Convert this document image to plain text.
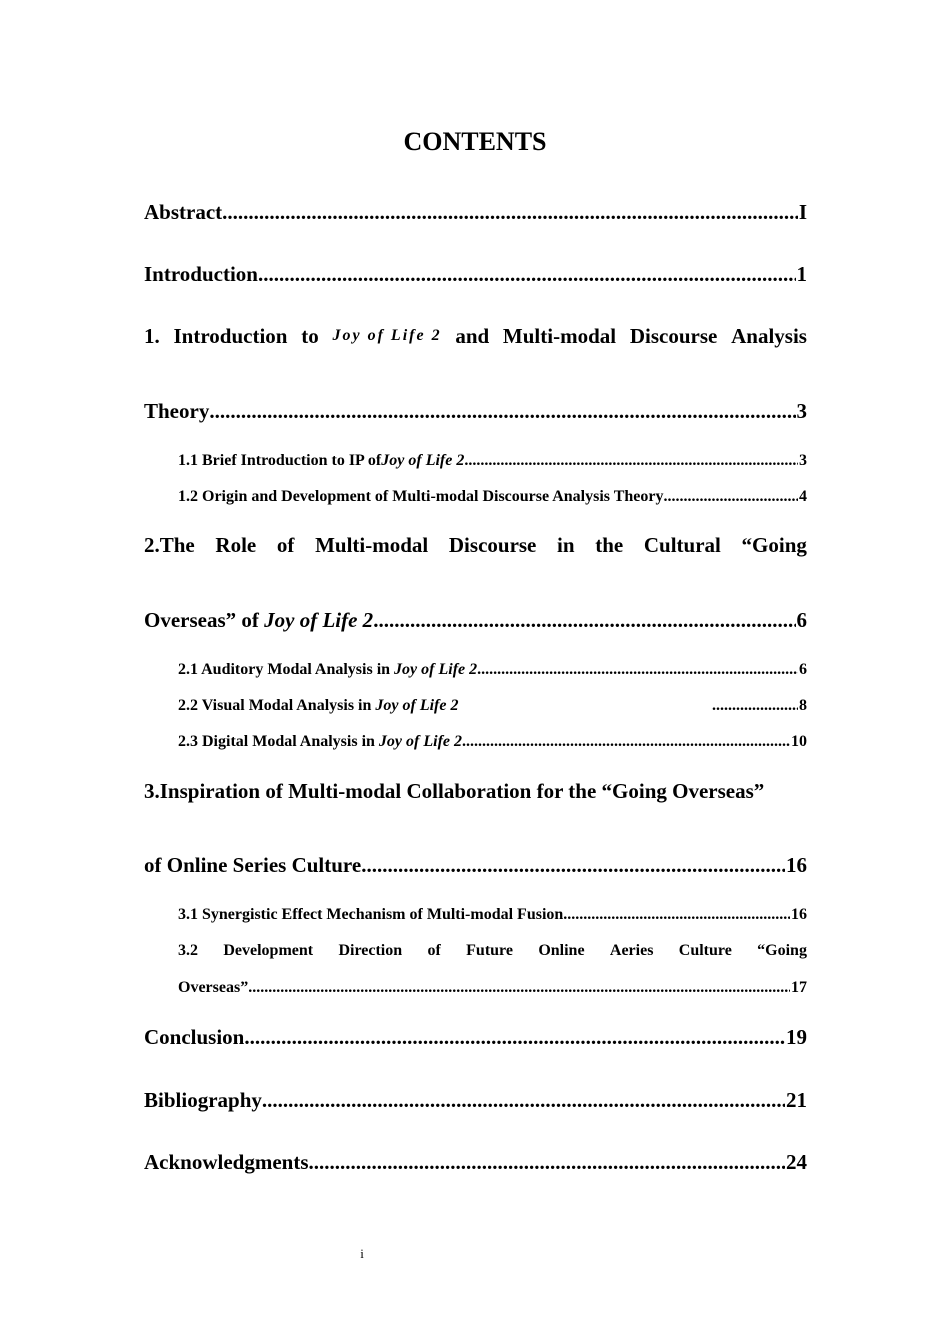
CONTENTS
Abstract .....	I
Introduction .....	1
1. Introduction to Joy of Life 2 and Multi-modal Discourse Analysis
Theory .....	3
1.1 Brief Introduction to IP of Joy of Life 2 .....	3
1.2 Origin and Development of Multi-modal Discourse Analysis Theory .....	4
2.The Role of Multi-modal Discourse in the Cultural “Going
Overseas” of Joy of Life 2 .....	6
2.1 Auditory Modal Analysis in Joy of Life 2 .....	6
2.2 Visual Modal Analysis in Joy of Life 2 .....	8
2.3 Digital Modal Analysis in Joy of Life 2 .....	10
3.Inspiration of Multi-modal Collaboration for the “Going Overseas”
of Online Series Culture .....	16
3.1 Synergistic Effect Mechanism of Multi-modal Fusion .....	16
3.2 Development Direction of Future Online Aeries Culture “Going
Overseas” .....	17
Conclusion .....	19
Bibliography .....	21
Acknowledgments .....	24
i
